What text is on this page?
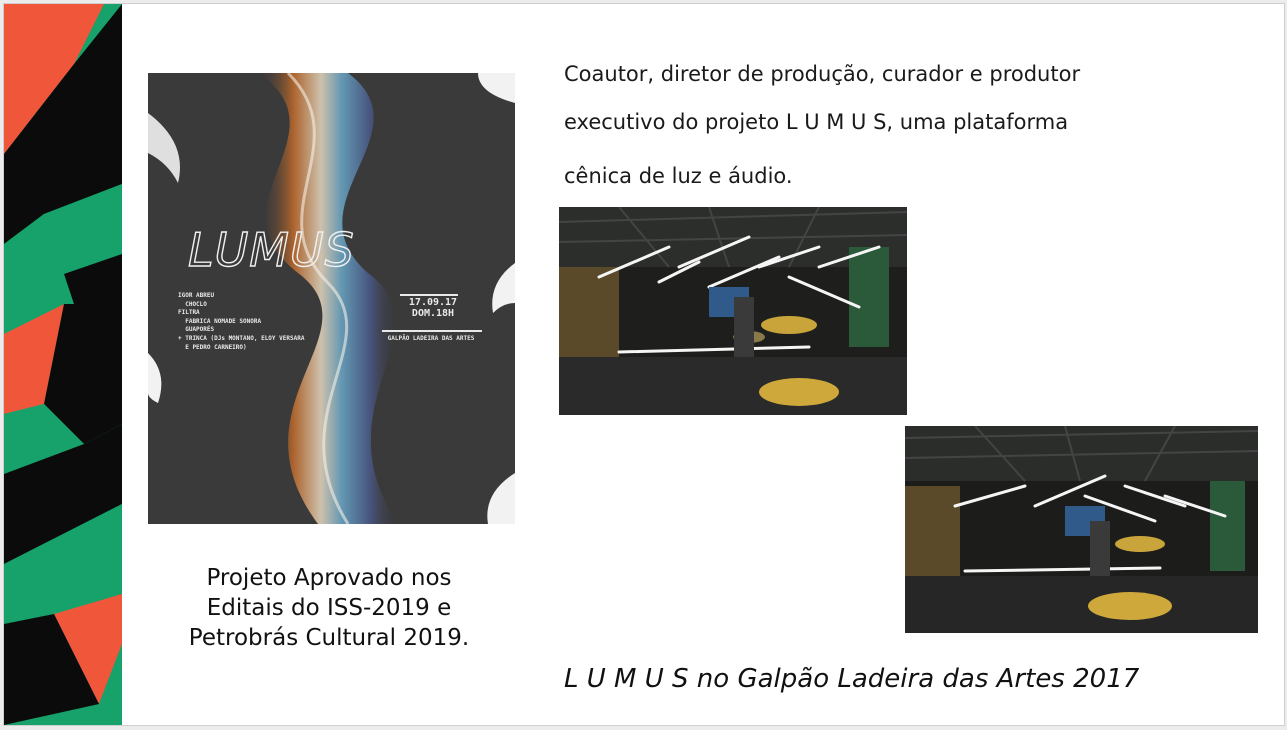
LUMUS
IGOR ABREU
CHOCLO
FILTRA
FABRICA NOMADE SONORA
GUAPORÉS
+ TRINCA (DJs MONTANO, ELOY VERSARA
E PEDRO CARNEIRO)
17.09.17
DOM.18H
GALPÃO LADEIRA DAS ARTES
Coautor, diretor de produção, curador e produtor
executivo do projeto L U M U S, uma plataforma
cênica de luz e áudio.
Projeto Aprovado nos
Editais do ISS-2019 e
Petrobrás Cultural 2019.
L U M U S no Galpão Ladeira das Artes 2017
